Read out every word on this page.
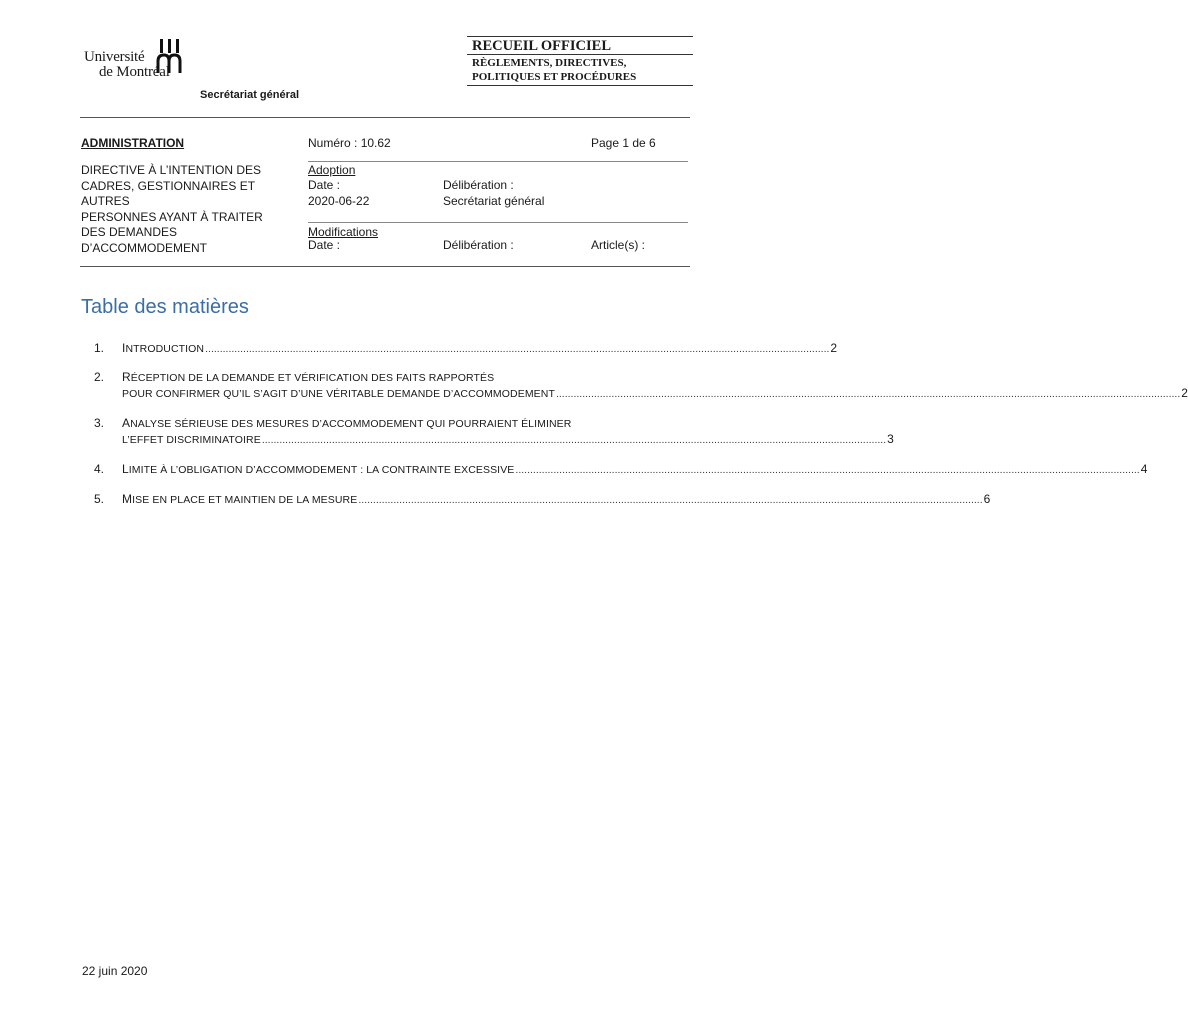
Université
de Montréal
Secrétariat général
RECUEIL OFFICIEL
RÈGLEMENTS, DIRECTIVES,
POLITIQUES ET PROCÉDURES
ADMINISTRATION	Numéro : 10.62	Page 1 de 6
DIRECTIVE À L’INTENTION DES
CADRES, GESTIONNAIRES ET AUTRES
PERSONNES AYANT À TRAITER
DES DEMANDES D’ACCOMMODEMENT
Adoption
Date :
2020-06-22
Délibération :
Secrétariat général
Modifications
Date :	Délibération :	Article(s) :
Table des matières
1. INTRODUCTION ...................................................................................................................................................................................................................... 2
2. RÉCEPTION DE LA DEMANDE ET VÉRIFICATION DES FAITS RAPPORTÉS
POUR CONFIRMER QU’IL S’AGIT D’UNE VÉRITABLE DEMANDE D’ACCOMMODEMENT ...................................................................................................................................................................................................................... 2
3. ANALYSE SÉRIEUSE DES MESURES D’ACCOMMODEMENT QUI POURRAIENT ÉLIMINER
L’EFFET DISCRIMINATOIRE ...................................................................................................................................................................................................................... 3
4. LIMITE À L’OBLIGATION D’ACCOMMODEMENT : LA CONTRAINTE EXCESSIVE ...................................................................................................................................................................................................................... 4
5. MISE EN PLACE ET MAINTIEN DE LA MESURE ...................................................................................................................................................................................................................... 6
22 juin 2020
